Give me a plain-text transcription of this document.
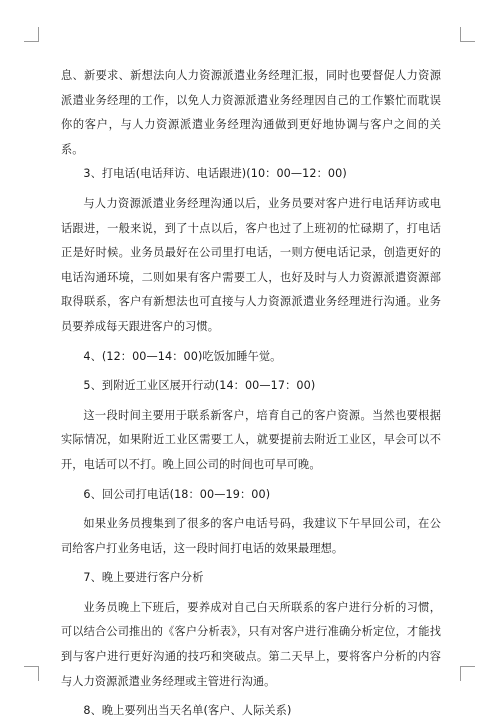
息、新要求、新想法向人力资源派遣业务经理汇报，同时也要督促人力资源派遣业务经理的工作，以免人力资源派遣业务经理因自己的工作繁忙而耽误你的客户，与人力资源派遣业务经理沟通做到更好地协调与客户之间的关系。

3、打电话(电话拜访、电话跟进)(10：00—12：00)

与人力资源派遣业务经理沟通以后，业务员要对客户进行电话拜访或电话跟进，一般来说，到了十点以后，客户也过了上班初的忙碌期了，打电话正是好时候。业务员最好在公司里打电话，一则方便电话记录，创造更好的电话沟通环境，二则如果有客户需要工人，也好及时与人力资源派遣资源部取得联系，客户有新想法也可直接与人力资源派遣业务经理进行沟通。业务员要养成每天跟进客户的习惯。

4、(12：00—14：00)吃饭加睡午觉。

5、到附近工业区展开行动(14：00—17：00)

这一段时间主要用于联系新客户，培育自己的客户资源。当然也要根据实际情况，如果附近工业区需要工人，就要提前去附近工业区，早会可以不开，电话可以不打。晚上回公司的时间也可早可晚。

6、回公司打电话(18：00—19：00)

如果业务员搜集到了很多的客户电话号码，我建议下午早回公司，在公司给客户打业务电话，这一段时间打电话的效果最理想。

7、晚上要进行客户分析

业务员晚上下班后，要养成对自己白天所联系的客户进行分析的习惯，可以结合公司推出的《客户分析表》，只有对客户进行准确分析定位，才能找到与客户进行更好沟通的技巧和突破点。第二天早上，要将客户分析的内容与人力资源派遣业务经理或主管进行沟通。

8、晚上要列出当天名单(客户、人际关系)
